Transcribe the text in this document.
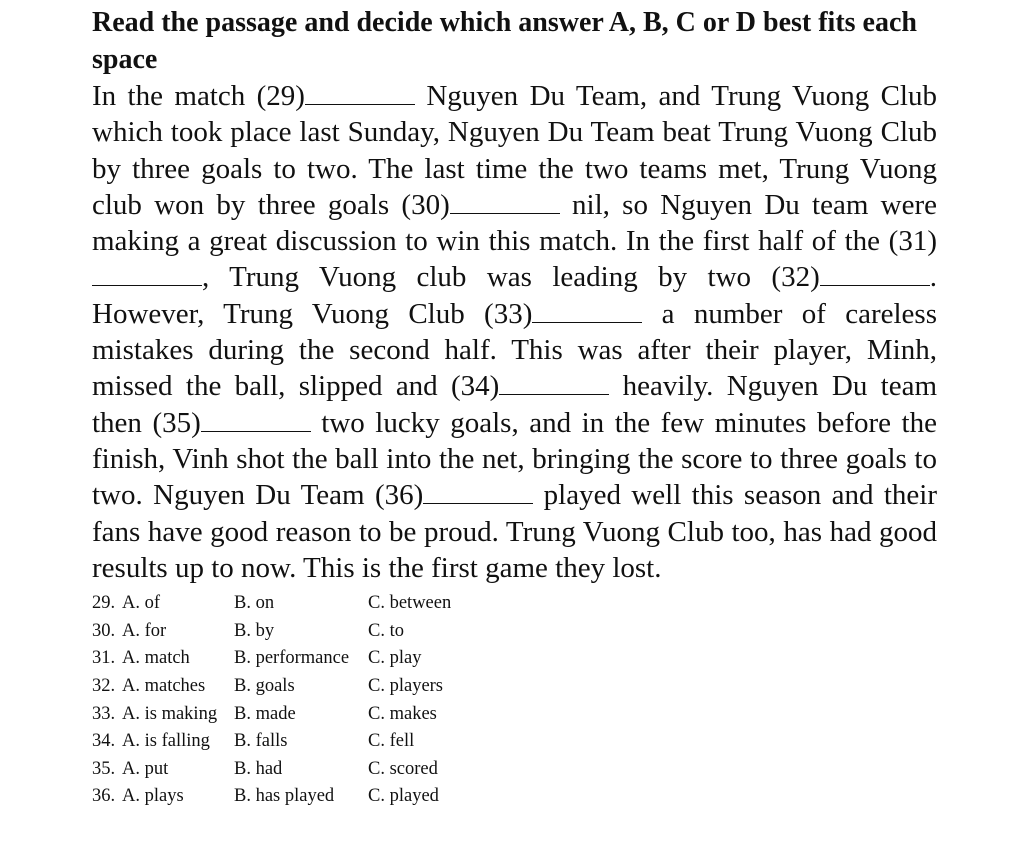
Read the passage and decide which answer A, B, C or D best fits each space

In the match (29)	Nguyen Du Team, and Trung Vuong Club which took place last Sunday, Nguyen Du Team beat Trung Vuong Club by three goals to two. The last time the two teams met, Trung Vuong club won by three goals (30)	nil, so Nguyen Du team were making a great discussion to win this match. In the first half of the (31), Trung Vuong club was leading by two (32)	. However, Trung Vuong Club (33)	a number of careless mistakes during the second half. This was after their player, Minh, missed the ball, slipped and (34)	heavily. Nguyen Du team then (35)	two lucky goals, and in the few minutes before the finish, Vinh shot the ball into the net, bringing the score to three goals to two. Nguyen Du Team (36)	played well this season and their fans have good reason to be proud. Trung Vuong Club too, has had good results up to now. This is the first game they lost.

29. A. of	B. on	C. between
30. A. for	B. by	C. to
31. A. match	B. performance	C. play
32. A. matches	B. goals	C. players
33. A. is making B. made	C. makes
34. A. is falling	B. falls	C. fell
35. A. put	B. had	C. scored
36. A. plays	B. has played	C. played
